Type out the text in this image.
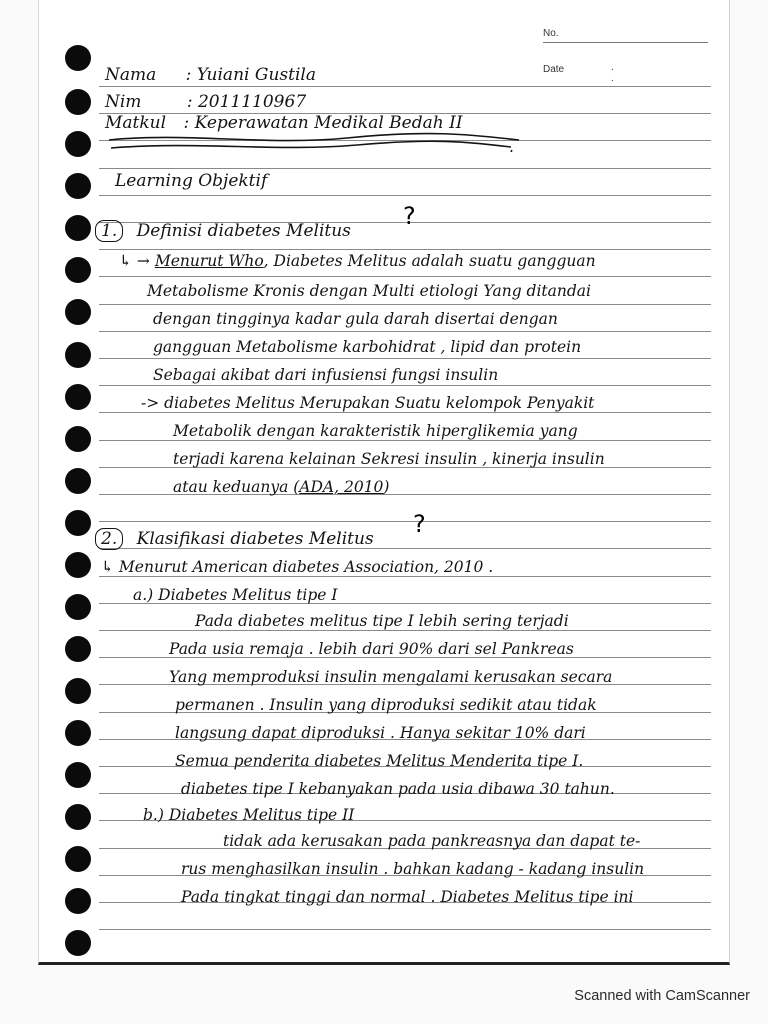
No.
Date	. .
Nama : Yuiani Gustila
Nim	: 2011110967
Matkul : Keperawatan Medikal Bedah II
.
Learning Objektif
1. Definisi diabetes Melitus
?
↳ → Menurut Who, Diabetes Melitus adalah suatu gangguan
Metabolisme Kronis dengan Multi etiologi Yang ditandai
dengan tingginya kadar gula darah disertai dengan
gangguan Metabolisme karbohidrat , lipid dan protein
Sebagai akibat dari infusiensi fungsi insulin
-> diabetes Melitus Merupakan Suatu kelompok Penyakit
Metabolik dengan karakteristik hiperglikemia yang
terjadi karena kelainan Sekresi insulin , kinerja insulin
atau keduanya (ADA, 2010)
2. Klasifikasi diabetes Melitus
?
↳ Menurut American diabetes Association, 2010 .
a.) Diabetes Melitus tipe I
Pada diabetes melitus tipe I lebih sering terjadi
Pada usia remaja . lebih dari 90% dari sel Pankreas
Yang memproduksi insulin mengalami kerusakan secara
permanen . Insulin yang diproduksi sedikit atau tidak
langsung dapat diproduksi . Hanya sekitar 10% dari
Semua penderita diabetes Melitus Menderita tipe I.
diabetes tipe I kebanyakan pada usia dibawa 30 tahun.
b.) Diabetes Melitus tipe II
tidak ada kerusakan pada pankreasnya dan dapat te-
rus menghasilkan insulin . bahkan kadang - kadang insulin
Pada tingkat tinggi dan normal . Diabetes Melitus tipe ini
Scanned with CamScanner
